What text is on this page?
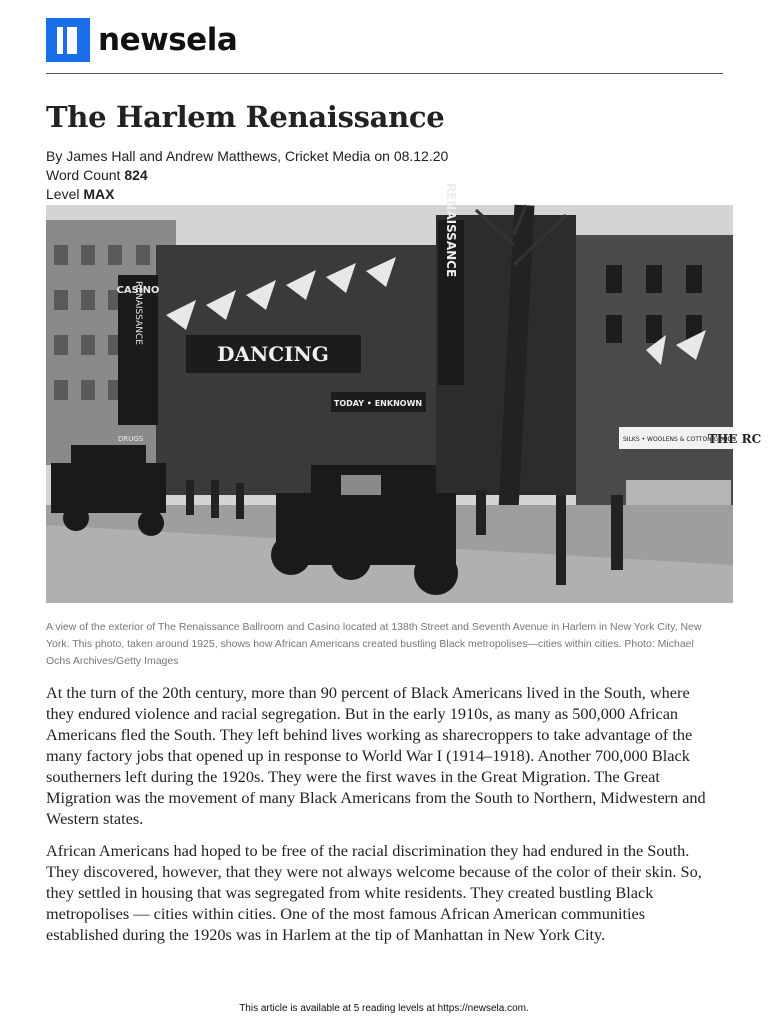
newsela
The Harlem Renaissance
By James Hall and Andrew Matthews, Cricket Media on 08.12.20
Word Count 824
Level MAX
CASINO
RENAISSANCE
RENAISSANCE
DANCING
TODAY • ENKNOWN
DRUGS	SILKS • WOOLENS & COTTON GOODS
THE RC
A view of the exterior of The Renaissance Ballroom and Casino located at 138th Street and Seventh Avenue in Harlem in New York City, New York. This photo, taken around 1925, shows how African Americans created bustling Black metropolises—cities within cities. Photo: Michael Ochs Archives/Getty Images

At the turn of the 20th century, more than 90 percent of Black Americans lived in the South, where they endured violence and racial segregation. But in the early 1910s, as many as 500,000 African Americans fled the South. They left behind lives working as sharecroppers to take advantage of the many factory jobs that opened up in response to World War I (1914–1918). Another 700,000 Black southerners left during the 1920s. They were the first waves in the Great Migration. The Great Migration was the movement of many Black Americans from the South to Northern, Midwestern and Western states.

African Americans had hoped to be free of the racial discrimination they had endured in the South. They discovered, however, that they were not always welcome because of the color of their skin. So, they settled in housing that was segregated from white residents. They created bustling Black metropolises — cities within cities. One of the most famous African American communities established during the 1920s was in Harlem at the tip of Manhattan in New York City.

This article is available at 5 reading levels at https://newsela.com.
